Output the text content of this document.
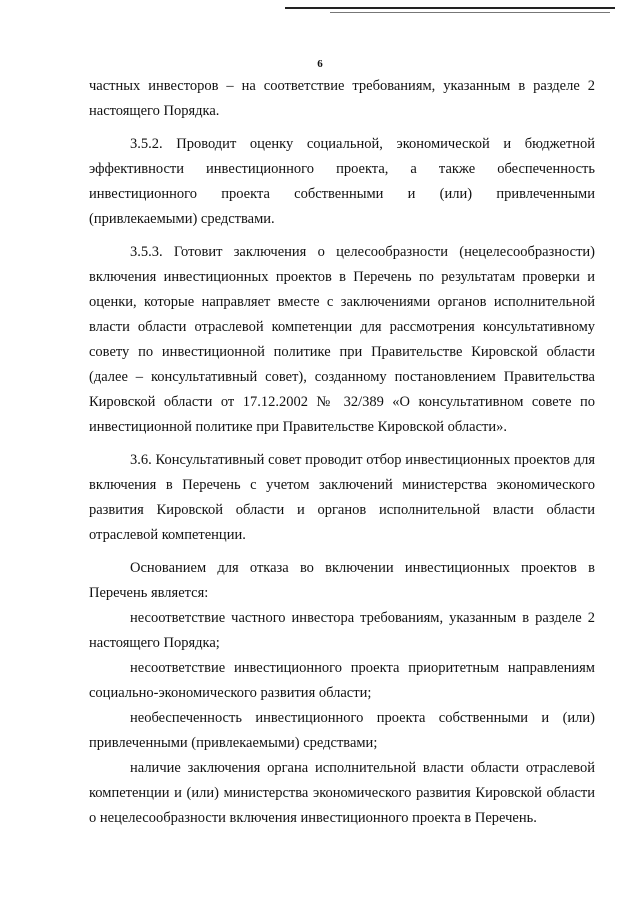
6

частных инвесторов – на соответствие требованиям, указанным в разделе 2 настоящего Порядка.

3.5.2. Проводит оценку социальной, экономической и бюджетной эффективности инвестиционного проекта, а также обеспеченность инвестиционного проекта собственными и (или) привлеченными (привлекаемыми) средствами.

3.5.3. Готовит заключения о целесообразности (нецелесообразности) включения инвестиционных проектов в Перечень по результатам проверки и оценки, которые направляет вместе с заключениями органов исполнительной власти области отраслевой компетенции для рассмотрения консультативному совету по инвестиционной политике при Правительстве Кировской области (далее – консультативный совет), созданному постановлением Правительства Кировской области от 17.12.2002 № 32/389 «О консультативном совете по инвестиционной политике при Правительстве Кировской области».

3.6. Консультативный совет проводит отбор инвестиционных проектов для включения в Перечень с учетом заключений министерства экономического развития Кировской области и органов исполнительной власти области отраслевой компетенции.

Основанием для отказа во включении инвестиционных проектов в Перечень является:

несоответствие частного инвестора требованиям, указанным в разделе 2 настоящего Порядка;

несоответствие инвестиционного проекта приоритетным направлениям социально-экономического развития области;

необеспеченность инвестиционного проекта собственными и (или) привлеченными (привлекаемыми) средствами;

наличие заключения органа исполнительной власти области отраслевой компетенции и (или) министерства экономического развития Кировской области о нецелесообразности включения инвестиционного проекта в Перечень.
